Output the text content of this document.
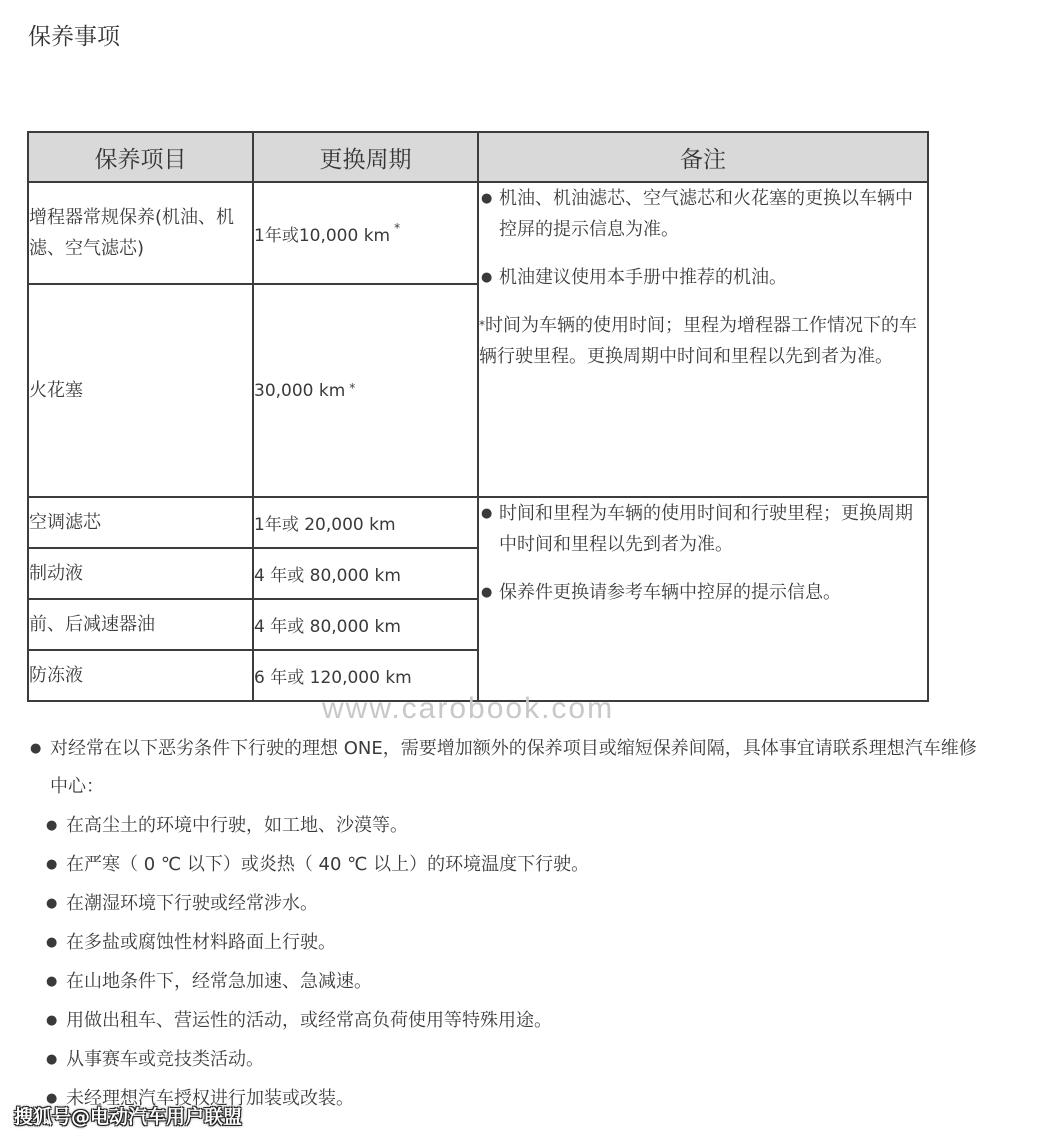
保养事项
保养项目	更换周期	备注
增程器常规保养(机油、机滤、空气滤芯)	1年或10,000 km *	● 机油、机油滤芯、空气滤芯和火花塞的更换以车辆中控屏的提示信息为准。
● 机油建议使用本手册中推荐的机油。
*时间为车辆的使用时间；里程为增程器工作情况下的车辆行驶里程。更换周期中时间和里程以先到者为准。

火花塞	30,000 km *
空调滤芯	1年或 20,000 km	● 时间和里程为车辆的使用时间和行驶里程；更换周期中时间和里程以先到者为准。
● 保养件更换请参考车辆中控屏的提示信息。

制动液	4 年或 80,000 km	
前、后减速器油	4 年或 80,000 km	
防冻液	6 年或 120,000 km	
www.carobook.com
● 对经常在以下恶劣条件下行驶的理想 ONE，需要增加额外的保养项目或缩短保养间隔，具体事宜请联系理想汽车维修中心：
● 在高尘土的环境中行驶，如工地、沙漠等。
● 在严寒（ 0 ℃ 以下）或炎热（ 40 ℃ 以上）的环境温度下行驶。
● 在潮湿环境下行驶或经常涉水。
● 在多盐或腐蚀性材料路面上行驶。
● 在山地条件下，经常急加速、急减速。
● 用做出租车、营运性的活动，或经常高负荷使用等特殊用途。
● 从事赛车或竞技类活动。
● 未经理想汽车授权进行加装或改装。
搜狐号@电动汽车用户联盟
